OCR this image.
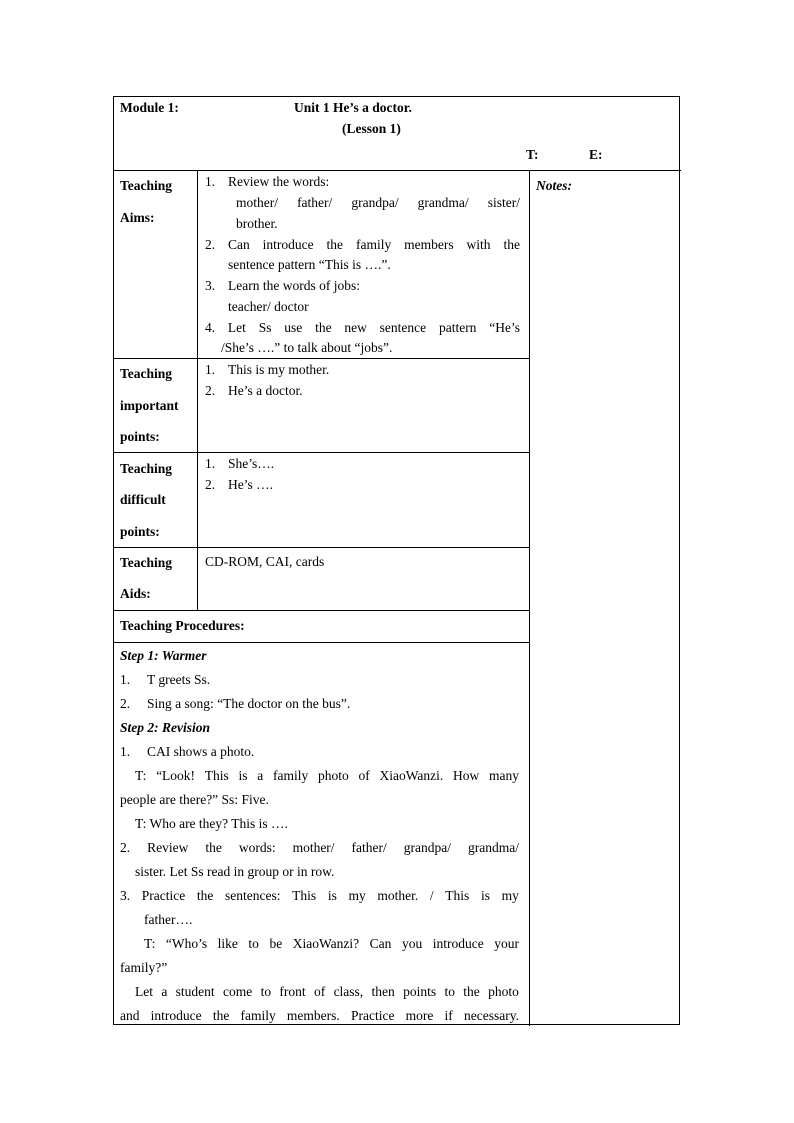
Module 1:	Unit 1 He’s a doctor.
(Lesson 1)
T:	E:
Notes:
Teaching
Aims:
1. Review the words:
mother/ father/ grandpa/ grandma/ sister/
brother.
2. Can introduce the family members with the
sentence pattern “This is ….”.
3. Learn the words of jobs:
teacher/ doctor
4. Let Ss use the new sentence pattern “He’s
/She’s ….” to talk about “jobs”.
Teaching
important
points:
1. This is my mother.
2. He’s a doctor.
Teaching
difficult
points:
1. She’s….
2. He’s ….
Teaching
Aids:
CD-ROM, CAI, cards
Teaching Procedures:
Step 1: Warmer
1. T greets Ss.
2. Sing a song: “The doctor on the bus”.
Step 2: Revision
1. CAI shows a photo.
T: “Look! This is a family photo of XiaoWanzi. How many
people are there?” Ss: Five.
T: Who are they? This is ….
2. Review the words: mother/ father/ grandpa/ grandma/
sister. Let Ss read in group or in row.
3. Practice the sentences: This is my mother. / This is my
father….
T: “Who’s like to be XiaoWanzi? Can you introduce your
family?”
Let a student come to front of class, then points to the photo
and introduce the family members. Practice more if necessary.
